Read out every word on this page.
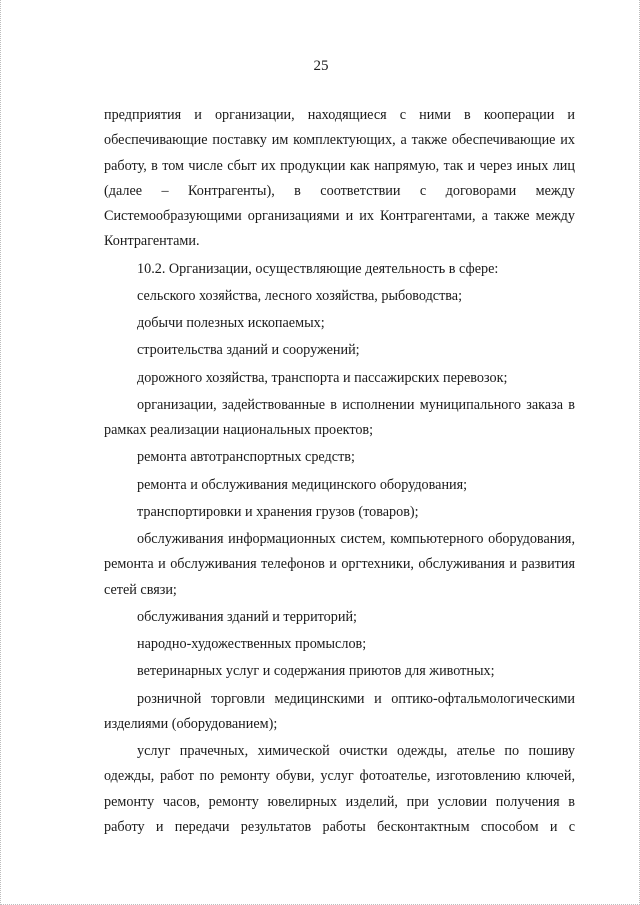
25

предприятия и организации, находящиеся с ними в кооперации и обеспечивающие поставку им комплектующих, а также обеспечивающие их работу, в том числе сбыт их продукции как напрямую, так и через иных лиц (далее – Контрагенты), в соответствии с договорами между Системообразующими организациями и их Контрагентами, а также между Контрагентами.

10.2. Организации, осуществляющие деятельность в сфере:

сельского хозяйства, лесного хозяйства, рыбоводства;

добычи полезных ископаемых;

строительства зданий и сооружений;

дорожного хозяйства, транспорта и пассажирских перевозок;

организации, задействованные в исполнении муниципального заказа в рамках реализации национальных проектов;

ремонта автотранспортных средств;

ремонта и обслуживания медицинского оборудования;

транспортировки и хранения грузов (товаров);

обслуживания информационных систем, компьютерного оборудования, ремонта и обслуживания телефонов и оргтехники, обслуживания и развития сетей связи;

обслуживания зданий и территорий;

народно-художественных промыслов;

ветеринарных услуг и содержания приютов для животных;

розничной торговли медицинскими и оптико-офтальмологическими изделиями (оборудованием);

услуг прачечных, химической очистки одежды, ателье по пошиву одежды, работ по ремонту обуви, услуг фотоателье, изготовлению ключей, ремонту часов, ремонту ювелирных изделий, при условии получения в работу и передачи результатов работы бесконтактным способом и с
